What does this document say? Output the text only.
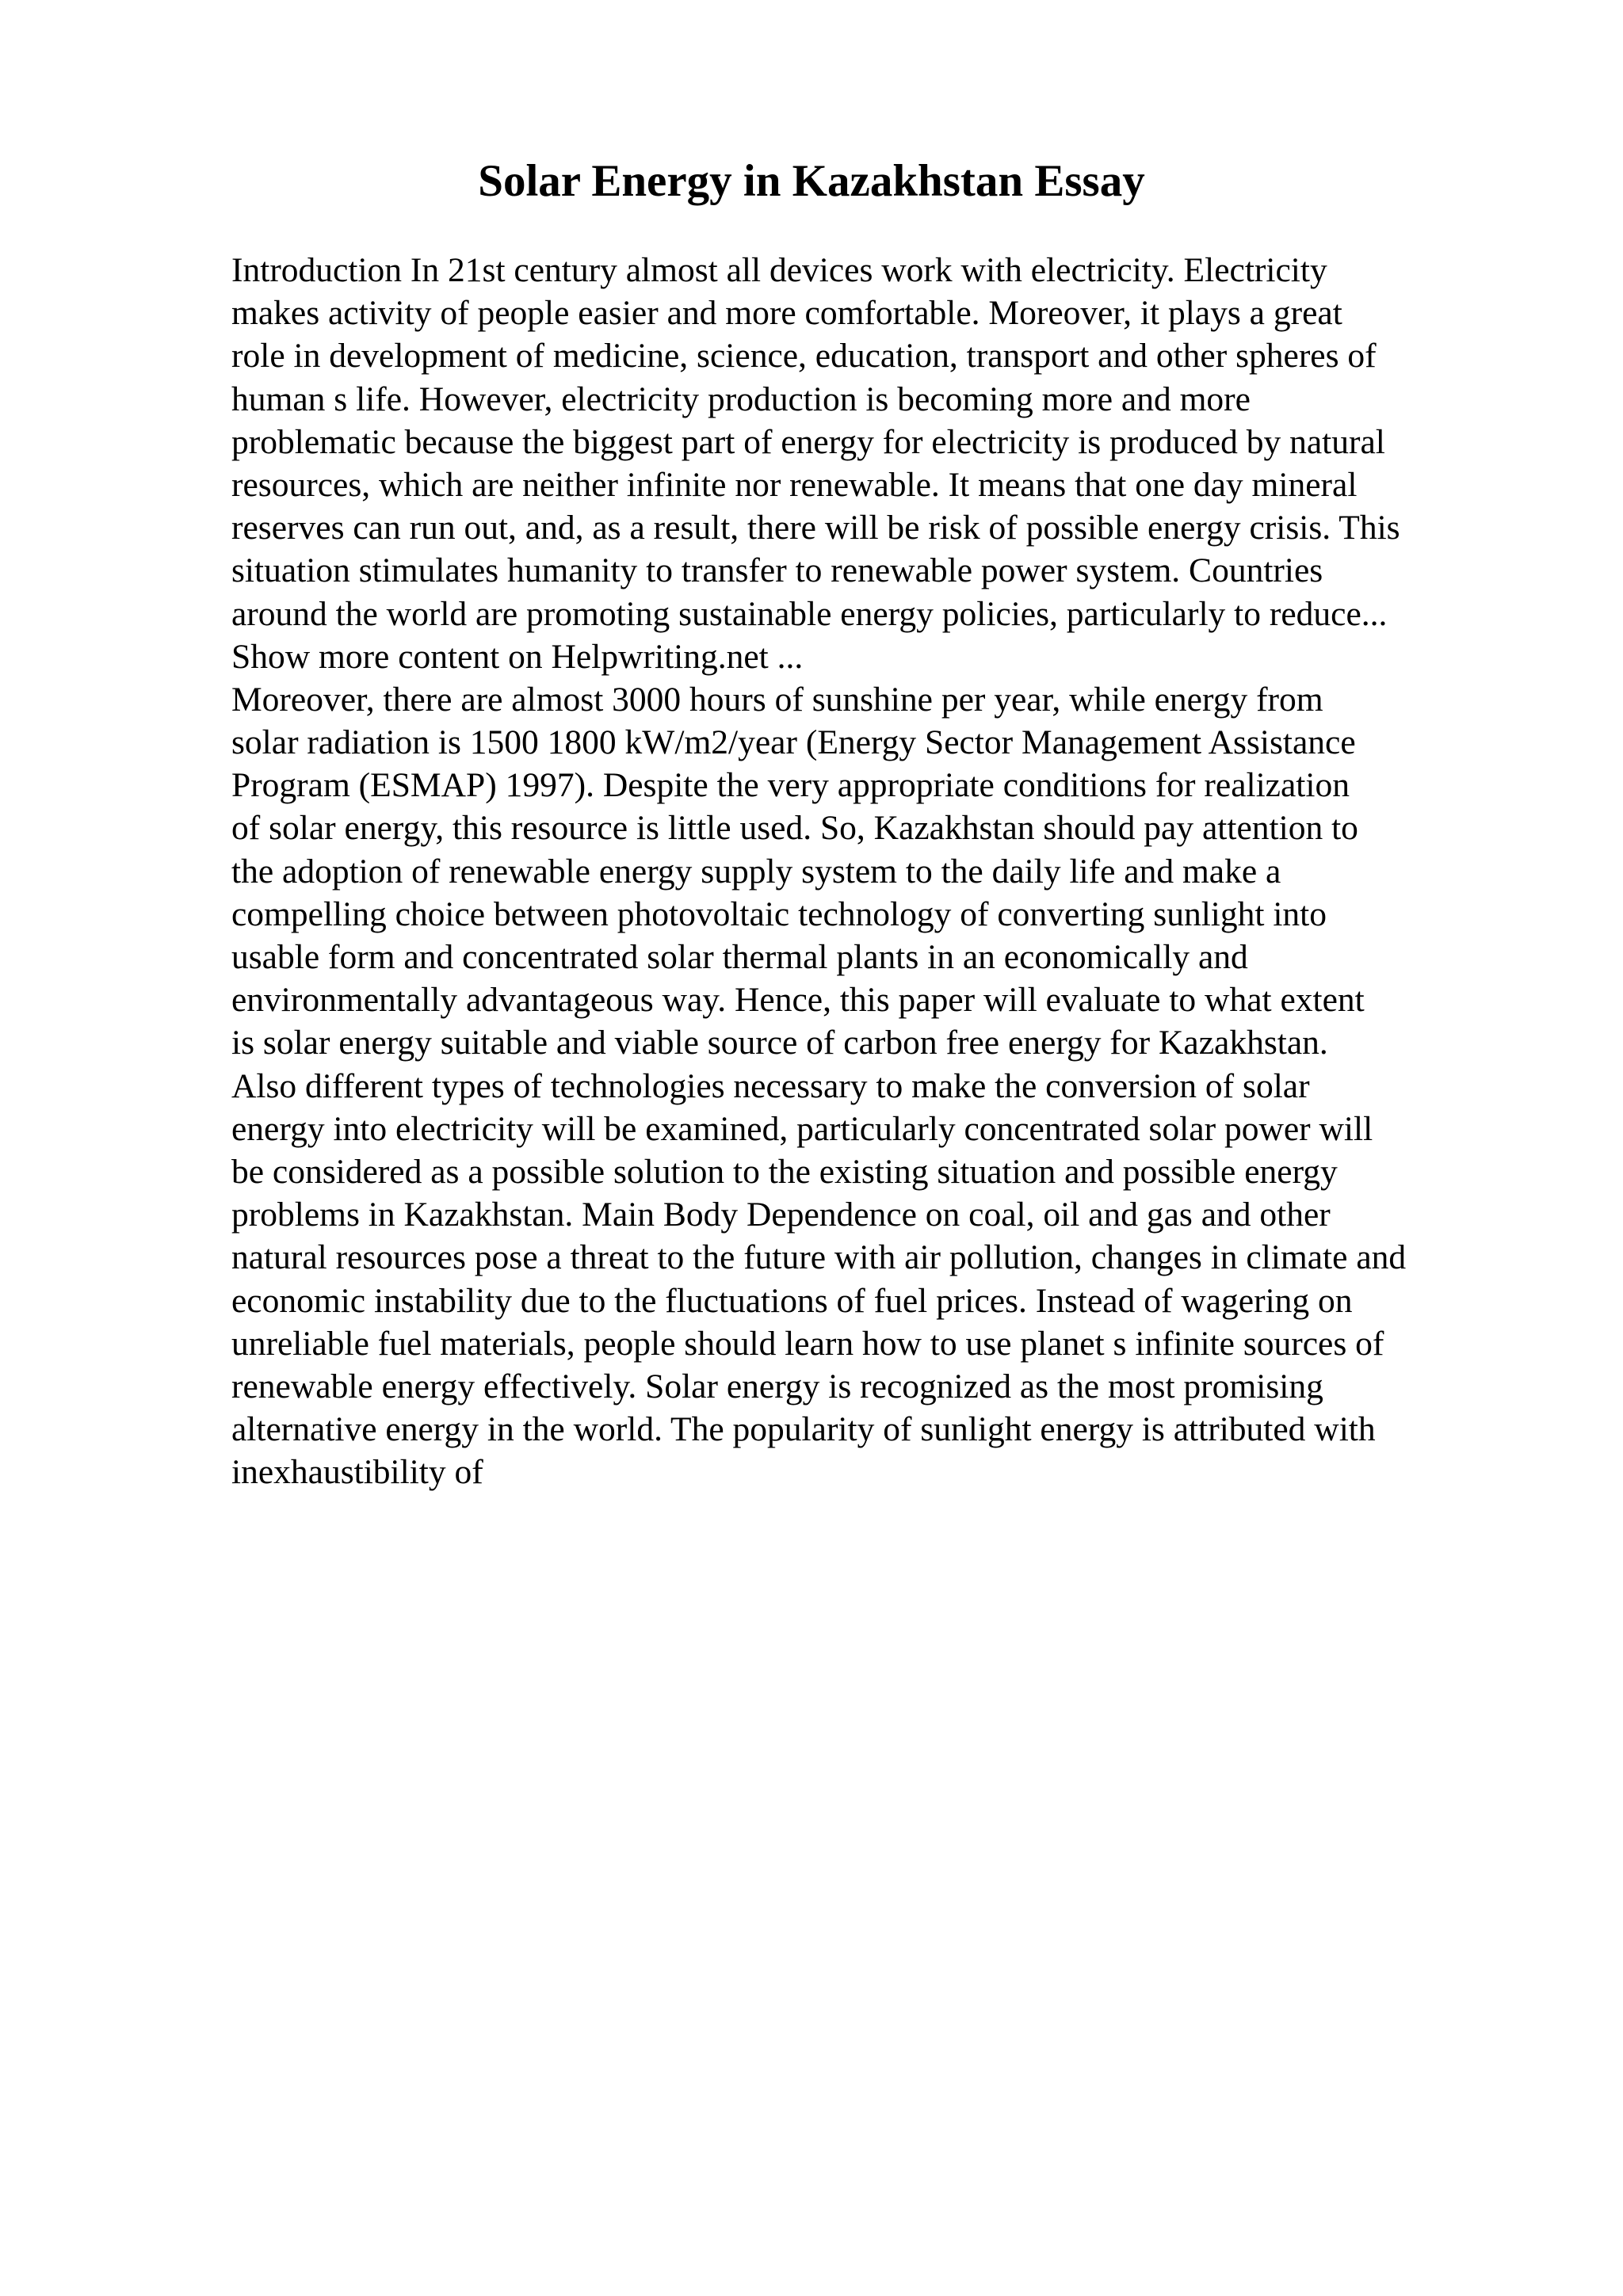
Solar Energy in Kazakhstan Essay
Introduction In 21st century almost all devices work with electricity. Electricity
makes activity of people easier and more comfortable. Moreover, it plays a great
role in development of medicine, science, education, transport and other spheres of
human s life. However, electricity production is becoming more and more
problematic because the biggest part of energy for electricity is produced by natural
resources, which are neither infinite nor renewable. It means that one day mineral
reserves can run out, and, as a result, there will be risk of possible energy crisis. This
situation stimulates humanity to transfer to renewable power system. Countries
around the world are promoting sustainable energy policies, particularly to reduce...
Show more content on Helpwriting.net ...
Moreover, there are almost 3000 hours of sunshine per year, while energy from
solar radiation is 1500 1800 kW/m2/year (Energy Sector Management Assistance
Program (ESMAP) 1997). Despite the very appropriate conditions for realization
of solar energy, this resource is little used. So, Kazakhstan should pay attention to
the adoption of renewable energy supply system to the daily life and make a
compelling choice between photovoltaic technology of converting sunlight into
usable form and concentrated solar thermal plants in an economically and
environmentally advantageous way. Hence, this paper will evaluate to what extent
is solar energy suitable and viable source of carbon free energy for Kazakhstan.
Also different types of technologies necessary to make the conversion of solar
energy into electricity will be examined, particularly concentrated solar power will
be considered as a possible solution to the existing situation and possible energy
problems in Kazakhstan. Main Body Dependence on coal, oil and gas and other
natural resources pose a threat to the future with air pollution, changes in climate and
economic instability due to the fluctuations of fuel prices. Instead of wagering on
unreliable fuel materials, people should learn how to use planet s infinite sources of
renewable energy effectively. Solar energy is recognized as the most promising
alternative energy in the world. The popularity of sunlight energy is attributed with
inexhaustibility of
